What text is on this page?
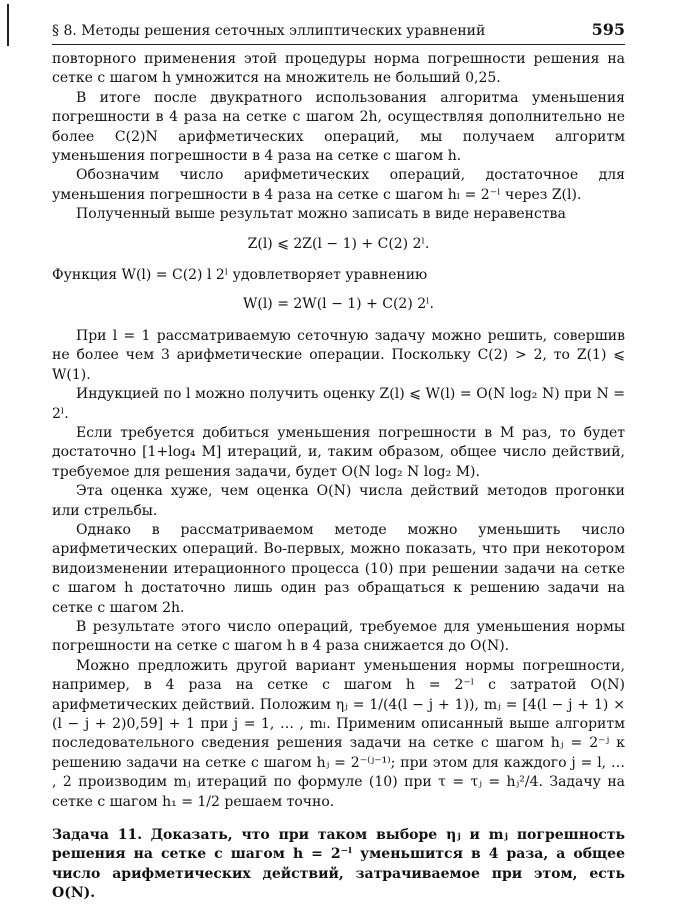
§ 8. Методы решения сеточных эллиптических уравнений	595

повторного применения этой процедуры норма погрешности решения на сетке с шагом h умножится на множитель не больший 0,25.

В итоге после двукратного использования алгоритма уменьшения погрешности в 4 раза на сетке с шагом 2h, осуществляя дополнительно не более C(2)N арифметических операций, мы получаем алгоритм уменьшения погрешности в 4 раза на сетке с шагом h.

Обозначим число арифметических операций, достаточное для уменьшения погрешности в 4 раза на сетке с шагом hₗ = 2⁻ˡ через Z(l).

Полученный выше результат можно записать в виде неравенства

Z(l) ⩽ 2Z(l − 1) + C(2) 2ˡ.

Функция W(l) = C(2) l 2ˡ удовлетворяет уравнению

W(l) = 2W(l − 1) + C(2) 2ˡ.

При l = 1 рассматриваемую сеточную задачу можно решить, совершив не более чем 3 арифметические операции. Поскольку C(2) > 2, то Z(1) ⩽ W(1).

Индукцией по l можно получить оценку Z(l) ⩽ W(l) = O(N log₂ N) при N = 2ˡ.

Если требуется добиться уменьшения погрешности в M раз, то будет достаточно [1+log₄ M] итераций, и, таким образом, общее число действий, требуемое для решения задачи, будет O(N log₂ N log₂ M).

Эта оценка хуже, чем оценка O(N) числа действий методов прогонки или стрельбы.

Однако в рассматриваемом методе можно уменьшить число арифметических операций. Во-первых, можно показать, что при некотором видоизменении итерационного процесса (10) при решении задачи на сетке с шагом h достаточно лишь один раз обращаться к решению задачи на сетке с шагом 2h.

В результате этого число операций, требуемое для уменьшения нормы погрешности на сетке с шагом h в 4 раза снижается до O(N).

Можно предложить другой вариант уменьшения нормы погрешности, например, в 4 раза на сетке с шагом h = 2⁻ˡ с затратой O(N) арифметических действий. Положим ηⱼ = 1/(4(l − j + 1)), mⱼ = [4(l − j + 1) × (l − j + 2)0,59] + 1 при j = 1, … , mₗ. Применим описанный выше алгоритм последовательного сведения решения задачи на сетке с шагом hⱼ = 2⁻ʲ к решению задачи на сетке с шагом hⱼ = 2⁻⁽ʲ⁻¹⁾; при этом для каждого j = l, … , 2 производим mⱼ итераций по формуле (10) при τ = τⱼ = hⱼ²/4. Задачу на сетке с шагом h₁ = 1/2 решаем точно.

Задача 11. Доказать, что при таком выборе ηⱼ и mⱼ погрешность решения на сетке с шагом h = 2⁻ˡ уменьшится в 4 раза, а общее число арифметических действий, затрачиваемое при этом, есть O(N).
